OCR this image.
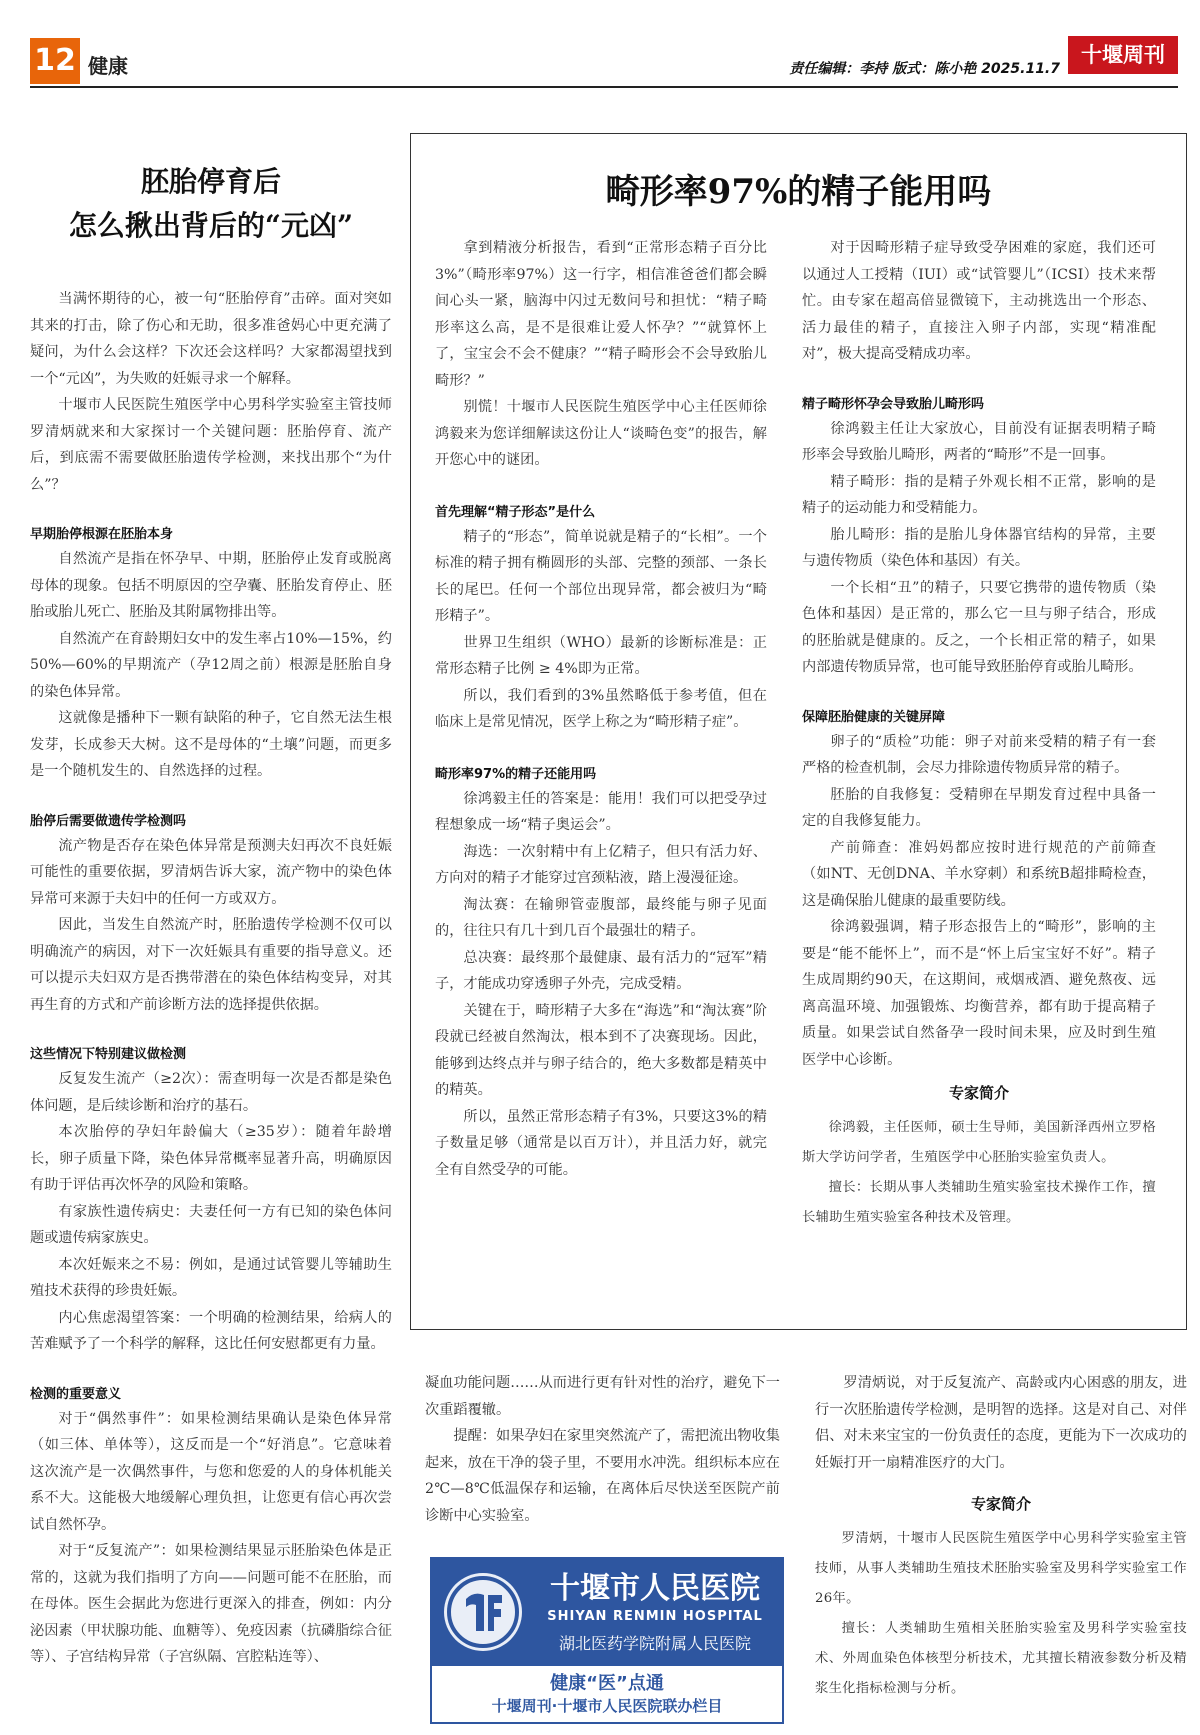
12 健康	责任编辑：李持 版式：陈小艳 2025.11.7
十堰周刊
胚胎停育后
怎么揪出背后的“元凶”

当满怀期待的心，被一句“胚胎停育”击碎。面对突如其来的打击，除了伤心和无助，很多准爸妈心中更充满了疑问，为什么会这样？下次还会这样吗？大家都渴望找到一个“元凶”，为失败的妊娠寻求一个解释。

十堰市人民医院生殖医学中心男科学实验室主管技师罗清炳就来和大家探讨一个关键问题：胚胎停育、流产后，到底需不需要做胚胎遗传学检测，来找出那个“为什么”？

早期胎停根源在胚胎本身

自然流产是指在怀孕早、中期，胚胎停止发育或脱离母体的现象。包括不明原因的空孕囊、胚胎发育停止、胚胎或胎儿死亡、胚胎及其附属物排出等。

自然流产在育龄期妇女中的发生率占10%—15%，约50%—60%的早期流产（孕12周之前）根源是胚胎自身的染色体异常。

这就像是播种下一颗有缺陷的种子，它自然无法生根发芽，长成参天大树。这不是母体的“土壤”问题，而更多是一个随机发生的、自然选择的过程。

胎停后需要做遗传学检测吗

流产物是否存在染色体异常是预测夫妇再次不良妊娠可能性的重要依据，罗清炳告诉大家，流产物中的染色体异常可来源于夫妇中的任何一方或双方。

因此，当发生自然流产时，胚胎遗传学检测不仅可以明确流产的病因，对下一次妊娠具有重要的指导意义。还可以提示夫妇双方是否携带潜在的染色体结构变异，对其再生育的方式和产前诊断方法的选择提供依据。

这些情况下特别建议做检测

反复发生流产（≥2次）：需查明每一次是否都是染色体问题，是后续诊断和治疗的基石。

本次胎停的孕妇年龄偏大（≥35岁）：随着年龄增长，卵子质量下降，染色体异常概率显著升高，明确原因有助于评估再次怀孕的风险和策略。

有家族性遗传病史：夫妻任何一方有已知的染色体问题或遗传病家族史。

本次妊娠来之不易：例如，是通过试管婴儿等辅助生殖技术获得的珍贵妊娠。

内心焦虑渴望答案：一个明确的检测结果，给病人的苦难赋予了一个科学的解释，这比任何安慰都更有力量。

检测的重要意义

对于“偶然事件”：如果检测结果确认是染色体异常（如三体、单体等），这反而是一个“好消息”。它意味着这次流产是一次偶然事件，与您和您爱的人的身体机能关系不大。这能极大地缓解心理负担，让您更有信心再次尝试自然怀孕。

对于“反复流产”：如果检测结果显示胚胎染色体是正常的，这就为我们指明了方向——问题可能不在胚胎，而在母体。医生会据此为您进行更深入的排查，例如：内分泌因素（甲状腺功能、血糖等）、免疫因素（抗磷脂综合征等）、子宫结构异常（子宫纵隔、宫腔粘连等）、

畸形率97%的精子能用吗

拿到精液分析报告，看到“正常形态精子百分比3%”（畸形率97%）这一行字，相信准爸爸们都会瞬间心头一紧，脑海中闪过无数问号和担忧：“精子畸形率这么高，是不是很难让爱人怀孕？”“就算怀上了，宝宝会不会不健康？”“精子畸形会不会导致胎儿畸形？”

别慌！十堰市人民医院生殖医学中心主任医师徐鸿毅来为您详细解读这份让人“谈畸色变”的报告，解开您心中的谜团。

首先理解“精子形态”是什么

精子的“形态”，简单说就是精子的“长相”。一个标准的精子拥有椭圆形的头部、完整的颈部、一条长长的尾巴。任何一个部位出现异常，都会被归为“畸形精子”。

世界卫生组织（WHO）最新的诊断标准是：正常形态精子比例 ≥ 4%即为正常。

所以，我们看到的3%虽然略低于参考值，但在临床上是常见情况，医学上称之为“畸形精子症”。

畸形率97%的精子还能用吗

徐鸿毅主任的答案是：能用！我们可以把受孕过程想象成一场“精子奥运会”。

海选：一次射精中有上亿精子，但只有活力好、方向对的精子才能穿过宫颈粘液，踏上漫漫征途。

淘汰赛：在输卵管壶腹部，最终能与卵子见面的，往往只有几十到几百个最强壮的精子。

总决赛：最终那个最健康、最有活力的“冠军”精子，才能成功穿透卵子外壳，完成受精。

关键在于，畸形精子大多在“海选”和“淘汰赛”阶段就已经被自然淘汰，根本到不了决赛现场。因此，能够到达终点并与卵子结合的，绝大多数都是精英中的精英。

所以，虽然正常形态精子有3%，只要这3%的精子数量足够（通常是以百万计），并且活力好，就完全有自然受孕的可能。

对于因畸形精子症导致受孕困难的家庭，我们还可以通过人工授精（IUI）或“试管婴儿”（ICSI）技术来帮忙。由专家在超高倍显微镜下，主动挑选出一个形态、活力最佳的精子，直接注入卵子内部，实现“精准配对”，极大提高受精成功率。

精子畸形怀孕会导致胎儿畸形吗

徐鸿毅主任让大家放心，目前没有证据表明精子畸形率会导致胎儿畸形，两者的“畸形”不是一回事。

精子畸形：指的是精子外观长相不正常，影响的是精子的运动能力和受精能力。

胎儿畸形：指的是胎儿身体器官结构的异常，主要与遗传物质（染色体和基因）有关。

一个长相“丑”的精子，只要它携带的遗传物质（染色体和基因）是正常的，那么它一旦与卵子结合，形成的胚胎就是健康的。反之，一个长相正常的精子，如果内部遗传物质异常，也可能导致胚胎停育或胎儿畸形。

保障胚胎健康的关键屏障

卵子的“质检”功能：卵子对前来受精的精子有一套严格的检查机制，会尽力排除遗传物质异常的精子。

胚胎的自我修复：受精卵在早期发育过程中具备一定的自我修复能力。

产前筛查：准妈妈都应按时进行规范的产前筛查（如NT、无创DNA、羊水穿刺）和系统B超排畸检查，这是确保胎儿健康的最重要防线。

徐鸿毅强调，精子形态报告上的“畸形”，影响的主要是“能不能怀上”，而不是“怀上后宝宝好不好”。精子生成周期约90天，在这期间，戒烟戒酒、避免熬夜、远离高温环境、加强锻炼、均衡营养，都有助于提高精子质量。如果尝试自然备孕一段时间未果，应及时到生殖医学中心诊断。

专家简介

徐鸿毅，主任医师，硕士生导师，美国新泽西州立罗格斯大学访问学者，生殖医学中心胚胎实验室负责人。

擅长：长期从事人类辅助生殖实验室技术操作工作，擅长辅助生殖实验室各种技术及管理。

凝血功能问题……从而进行更有针对性的治疗，避免下一次重蹈覆辙。

提醒：如果孕妇在家里突然流产了，需把流出物收集起来，放在干净的袋子里，不要用水冲洗。组织标本应在2℃—8℃低温保存和运输，在离体后尽快送至医院产前诊断中心实验室。

罗清炳说，对于反复流产、高龄或内心困惑的朋友，进行一次胚胎遗传学检测，是明智的选择。这是对自己、对伴侣、对未来宝宝的一份负责任的态度，更能为下一次成功的妊娠打开一扇精准医疗的大门。

专家简介

罗清炳，十堰市人民医院生殖医学中心男科学实验室主管技师，从事人类辅助生殖技术胚胎实验室及男科学实验室工作26年。

擅长：人类辅助生殖相关胚胎实验室及男科学实验室技术、外周血染色体核型分析技术，尤其擅长精液参数分析及精浆生化指标检测与分析。

十堰市人民医院
SHIYAN RENMIN HOSPITAL
湖北医药学院附属人民医院
健康“医”点通
十堰周刊·十堰市人民医院联办栏目
